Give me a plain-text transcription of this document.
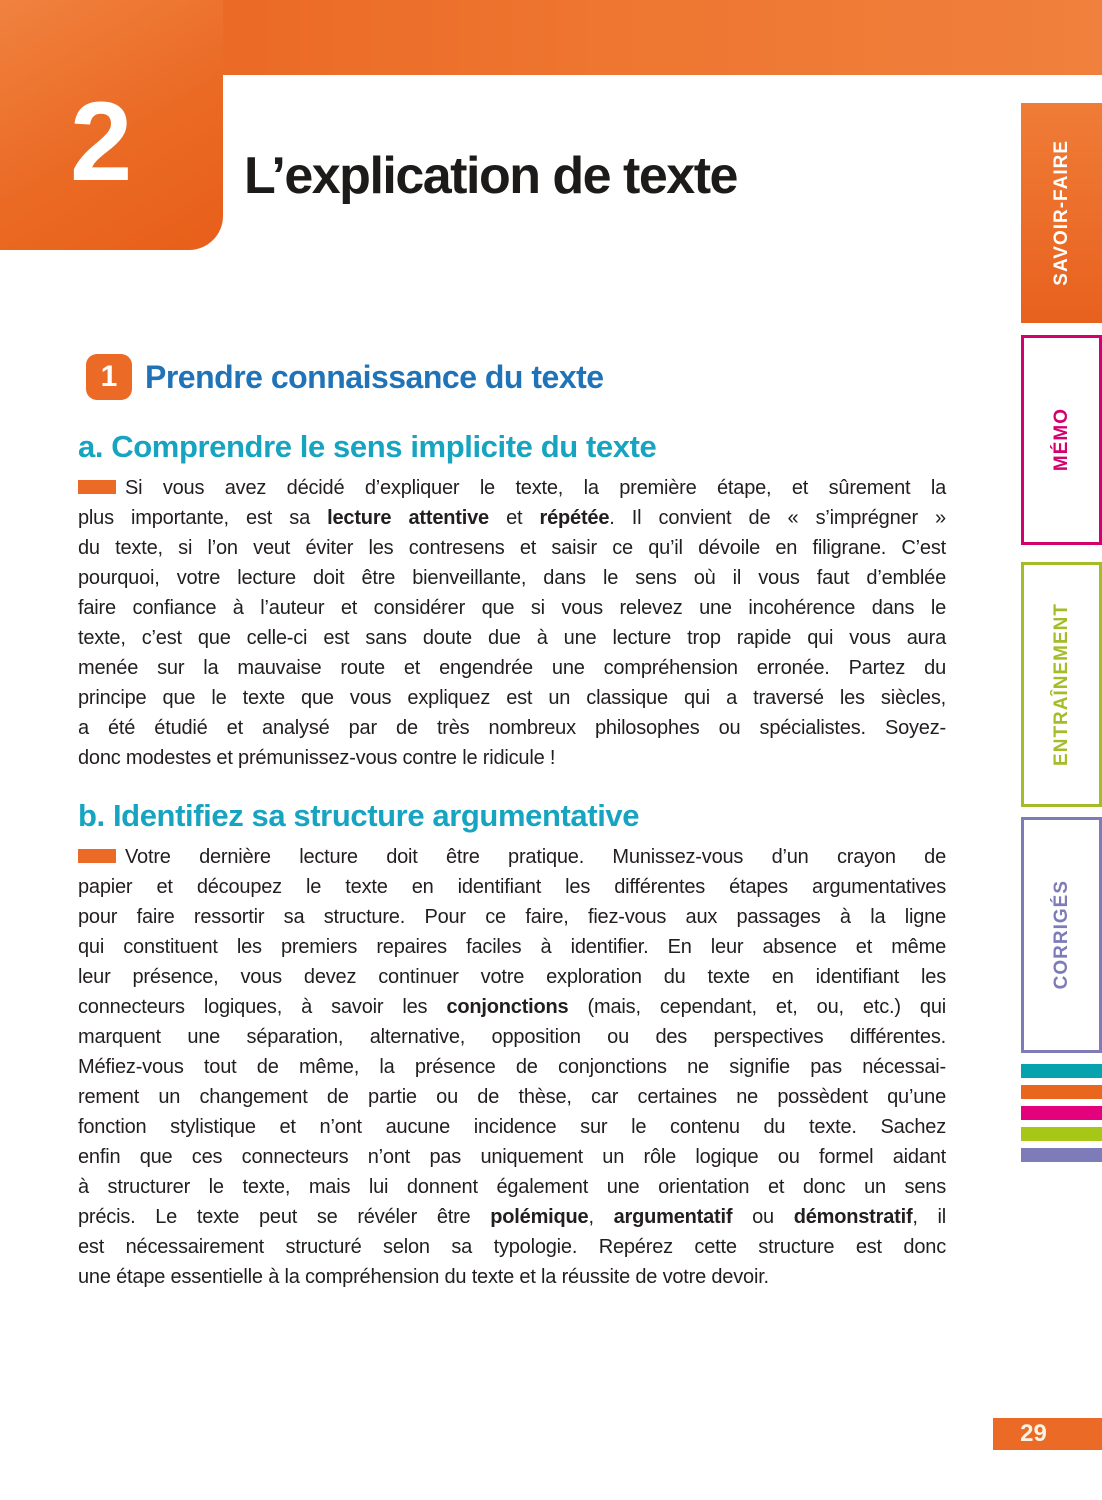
2 L’explication de texte
1 Prendre connaissance du texte
a. Comprendre le sens implicite du texte
Si vous avez décidé d’expliquer le texte, la première étape, et sûrement la
plus importante, est sa lecture attentive et répétée. Il convient de « s’imprégner »
du texte, si l’on veut éviter les contresens et saisir ce qu’il dévoile en filigrane. C’est
pourquoi, votre lecture doit être bienveillante, dans le sens où il vous faut d’emblée
faire confiance à l’auteur et considérer que si vous relevez une incohérence dans le
texte, c’est que celle-ci est sans doute due à une lecture trop rapide qui vous aura
menée sur la mauvaise route et engendrée une compréhension erronée. Partez du
principe que le texte que vous expliquez est un classique qui a traversé les siècles,
a été étudié et analysé par de très nombreux philosophes ou spécialistes. Soyez-
donc modestes et prémunissez-vous contre le ridicule !
b. Identifiez sa structure argumentative
Votre dernière lecture doit être pratique. Munissez-vous d’un crayon de
papier et découpez le texte en identifiant les différentes étapes argumentatives
pour faire ressortir sa structure. Pour ce faire, fiez-vous aux passages à la ligne
qui constituent les premiers repaires faciles à identifier. En leur absence et même
leur présence, vous devez continuer votre exploration du texte en identifiant les
connecteurs logiques, à savoir les conjonctions (mais, cependant, et, ou, etc.) qui
marquent une séparation, alternative, opposition ou des perspectives différentes.
Méfiez-vous tout de même, la présence de conjonctions ne signifie pas nécessai-
rement un changement de partie ou de thèse, car certaines ne possèdent qu’une
fonction stylistique et n’ont aucune incidence sur le contenu du texte. Sachez
enfin que ces connecteurs n’ont pas uniquement un rôle logique ou formel aidant
à structurer le texte, mais lui donnent également une orientation et donc un sens
précis. Le texte peut se révéler être polémique, argumentatif ou démonstratif, il
est nécessairement structuré selon sa typologie. Repérez cette structure est donc
une étape essentielle à la compréhension du texte et la réussite de votre devoir.
SAVOIR-FAIRE
MÉMO
ENTRAÎNEMENT
CORRIGÉS
29
